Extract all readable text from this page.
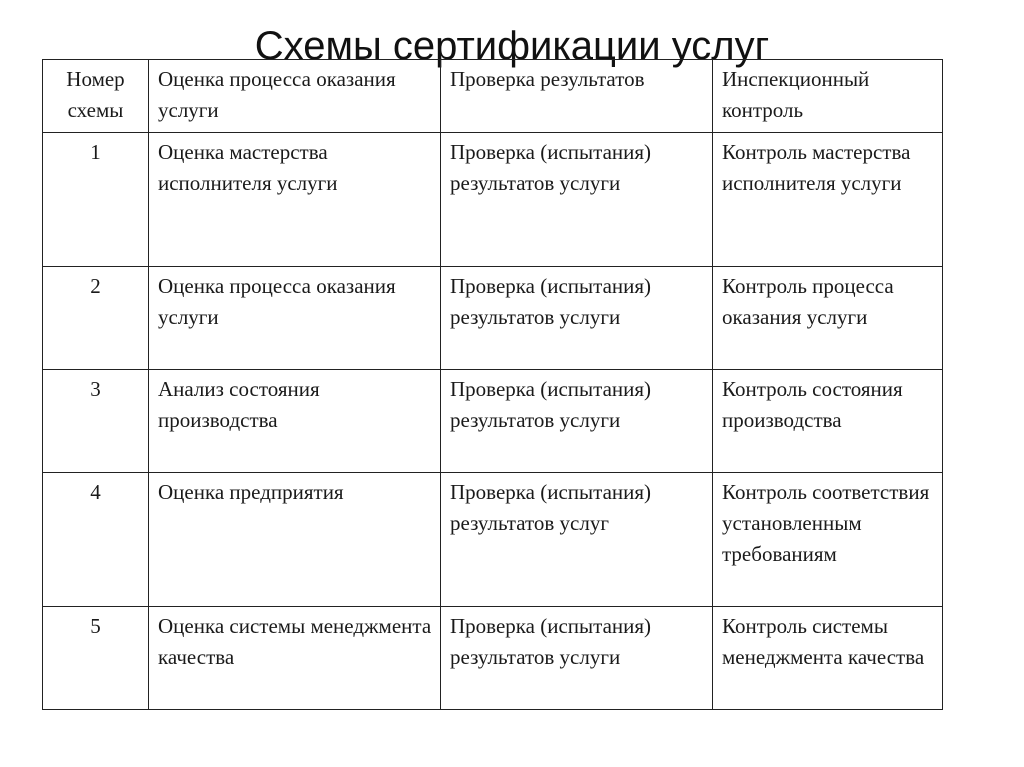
Схемы сертификации услуг
Номер схемы	Оценка процесса оказания услуги	Проверка результатов	Инспекционный контроль
1	Оценка мастерства исполнителя услуги	Проверка (испытания) результатов услуги	Контроль мастерства исполнителя услуги
2	Оценка процесса оказания услуги	Проверка (испытания) результатов услуги	Контроль процесса оказания услуги
3	Анализ состояния производства	Проверка (испытания) результатов услуги	Контроль состояния производства
4	Оценка предприятия	Проверка (испытания) результатов услуг	Контроль соответствия установленным требованиям
5	Оценка системы менеджмента качества	Проверка (испытания) результатов услуги	Контроль системы менеджмента качества
